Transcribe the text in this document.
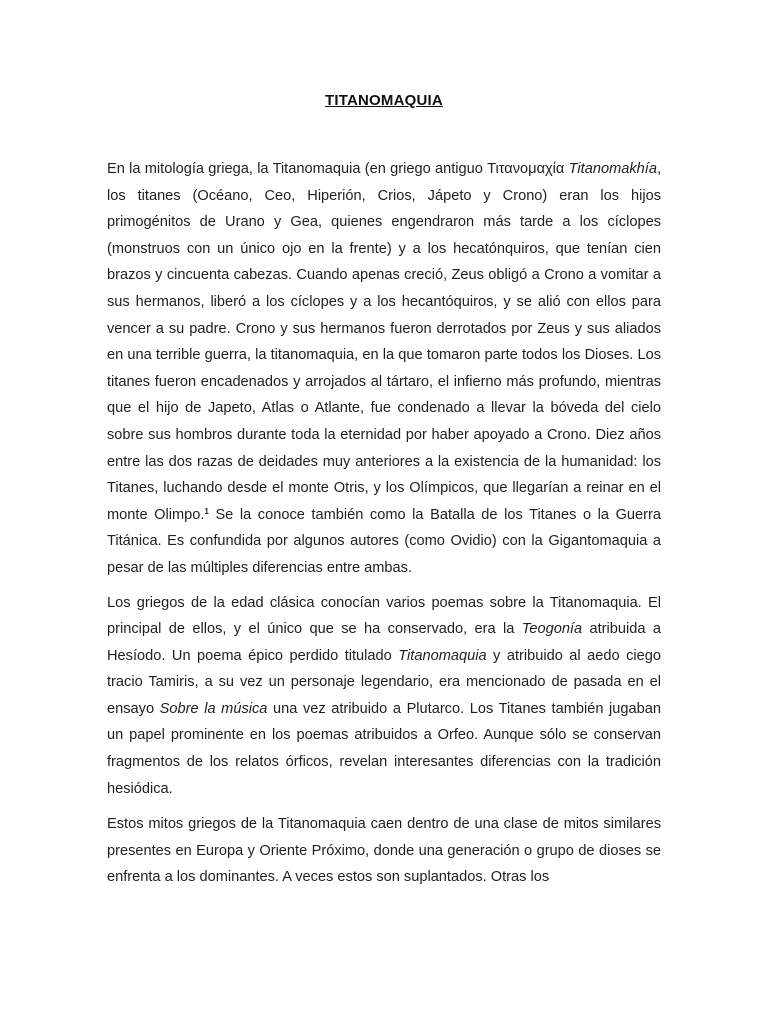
TITANOMAQUIA

En la mitología griega, la Titanomaquia (en griego antiguo Τιτανομαχία Titanomakhía, los titanes (Océano, Ceo, Hiperión, Crios, Jápeto y Crono) eran los hijos primogénitos de Urano y Gea, quienes engendraron más tarde a los cíclopes (monstruos con un único ojo en la frente) y a los hecatónquiros, que tenían cien brazos y cincuenta cabezas. Cuando apenas creció, Zeus obligó a Crono a vomitar a sus hermanos, liberó a los cíclopes y a los hecantóquiros, y se alió con ellos para vencer a su padre. Crono y sus hermanos fueron derrotados por Zeus y sus aliados en una terrible guerra, la titanomaquia, en la que tomaron parte todos los Dioses. Los titanes fueron encadenados y arrojados al tártaro, el infierno más profundo, mientras que el hijo de Japeto, Atlas o Atlante, fue condenado a llevar la bóveda del cielo sobre sus hombros durante toda la eternidad por haber apoyado a Crono. Diez años entre las dos razas de deidades muy anteriores a la existencia de la humanidad: los Titanes, luchando desde el monte Otris, y los Olímpicos, que llegarían a reinar en el monte Olimpo.$^1$ Se la conoce también como la Batalla de los Titanes o la Guerra Titánica. Es confundida por algunos autores (como Ovidio) con la Gigantomaquia a pesar de las múltiples diferencias entre ambas.

Los griegos de la edad clásica conocían varios poemas sobre la Titanomaquia. El principal de ellos, y el único que se ha conservado, era la Teogonía atribuida a Hesíodo. Un poema épico perdido titulado Titanomaquia y atribuido al aedo ciego tracio Tamiris, a su vez un personaje legendario, era mencionado de pasada en el ensayo Sobre la música una vez atribuido a Plutarco. Los Titanes también jugaban un papel prominente en los poemas atribuidos a Orfeo. Aunque sólo se conservan fragmentos de los relatos órficos, revelan interesantes diferencias con la tradición hesiódica.

Estos mitos griegos de la Titanomaquia caen dentro de una clase de mitos similares presentes en Europa y Oriente Próximo, donde una generación o grupo de dioses se enfrenta a los dominantes. A veces estos son suplantados. Otras los
